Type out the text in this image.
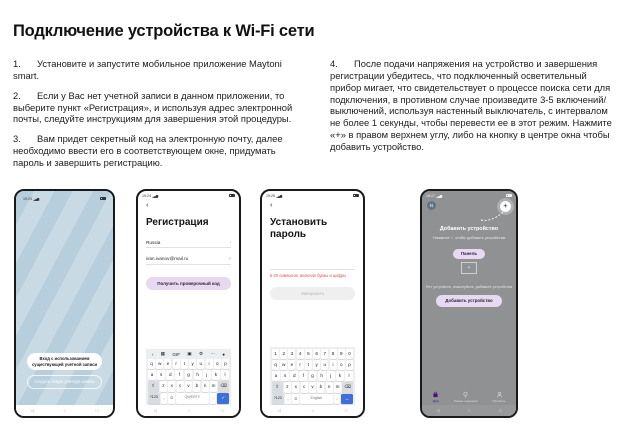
Подключение устройства к Wi-Fi сети

1. Установите и запустите мобильное приложение Maytoni smart.

2. Если у Вас нет учетной записи в данном приложении, то выберите пункт «Регистрация», и используя адрес электронной почты, следуйте инструкциям для завершения этой процедуры.

3. Вам придет секретный код на электронную почту, далее необходимо ввести его в соответствующем окне, придумать пароль и завершить регистрацию.

4. После подачи напряжения на устройство и завершения регистрации убедитесь, что подключенный осветительный прибор мигает, что свидетельствует о процессе поиска сети для подключения, в противном случае произведите 3-5 включений/выключений, используя настенный выключатель, с интервалом не более 1 секунды, чтобы перевести ее в этот режим. Нажмите «+» в правом верхнем углу, либо на кнопку в центре окна чтобы добавить устройство.

19:23 ▂▄▆
Вход с использованием существующей учетной записи
Создать новую учетную запись
◁	○	□
19:24 ▂▄▆
‹
Регистрация
Russia	›
ivan.ivanov@mail.ru	×
Получить проверочный код
‹ ▦ GIF ▣ ⚙ ⋯ ●
q	w	e	r	t	y	u	i	o	p
a	s	d	f	g	h	j	k	l
⇧	z	x	c	v	b	n	m	⌫
?123	,	☺	QWERTY	.	✓
◁	○	□
19:25 ▂▄▆
‹
Установить пароль
6-20 символов, включая буквы и цифры
Завершить
1	2	3	4	5	6	7	8	9	0
q	w	e	r	t	y	u	i	o	p
a	s	d	f	g	h	j	k	l
⇧	z	x	c	v	b	n	m	⌫
?123	,	☺	English	.	←
◁	○	□
19:27 ▂▄▆
N	+
Добавить устройство
Нажмите +, чтобы добавить устройства
Панель
+
Нет устройств, пожалуйста, добавьте устройства
Добавить устройство
Дом	Умные сценарии	Профиль
◁	○	□
